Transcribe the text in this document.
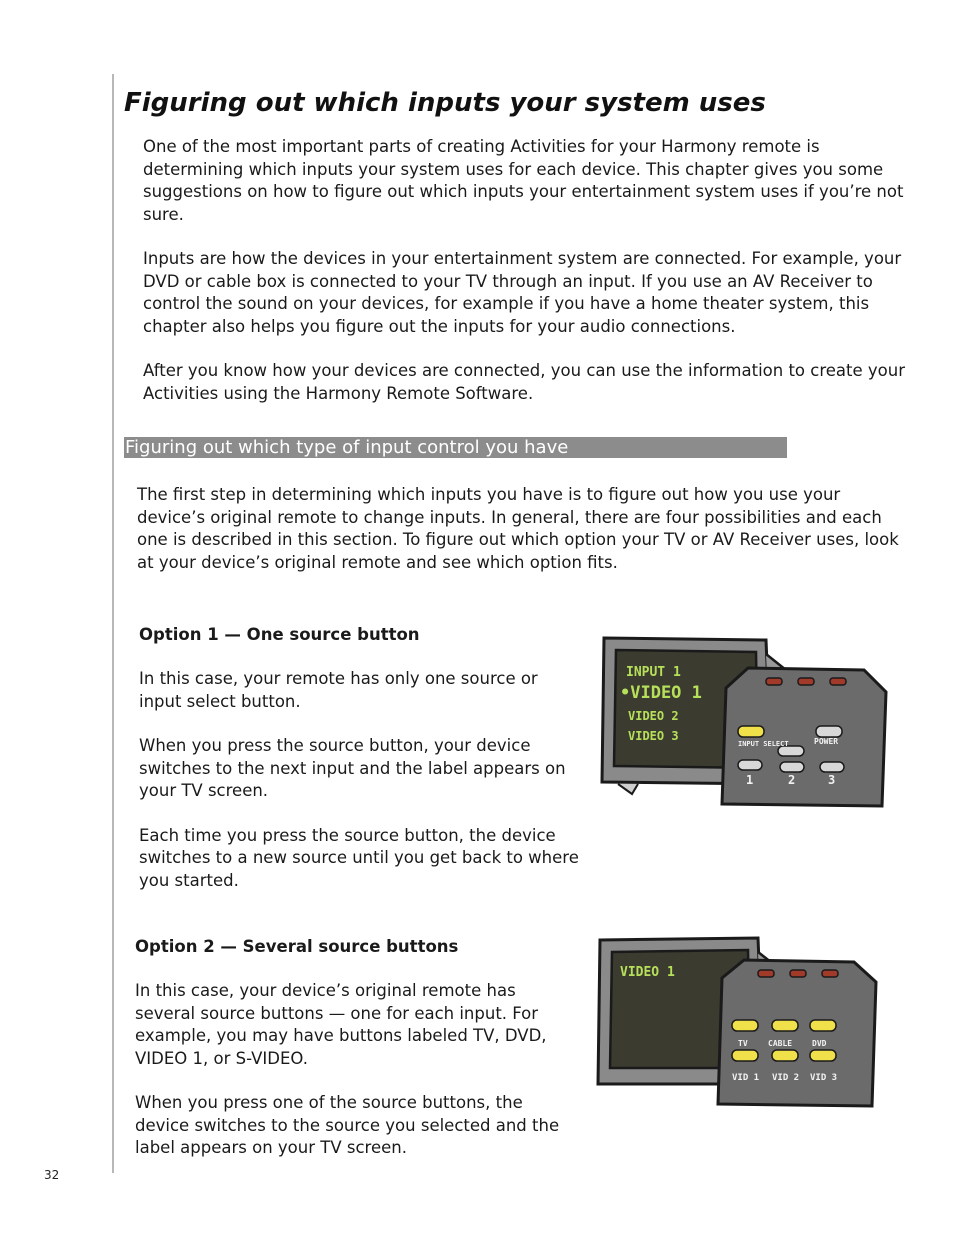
Figuring out which inputs your system uses

One of the most important parts of creating Activities for your Harmony remote is determining which inputs your system uses for each device. This chapter gives you some suggestions on how to figure out which inputs your entertainment system uses if you’re not sure.

Inputs are how the devices in your entertainment system are connected. For example, your DVD or cable box is connected to your TV through an input. If you use an AV Receiver to control the sound on your devices, for example if you have a home theater system, this chapter also helps you figure out the inputs for your audio connections.

After you know how your devices are connected, you can use the information to create your Activities using the Harmony Remote Software.

Figuring out which type of input control you have

The first step in determining which inputs you have is to figure out how you use your device’s original remote to change inputs. In general, there are four possibilities and each one is described in this section. To figure out which option your TV or AV Receiver uses, look at your device’s original remote and see which option fits.

Option 1 — One source button

In this case, your remote has only one source or input select button.

When you press the source button, your device switches to the next input and the label appears on your TV screen.

Each time you press the source button, the device switches to a new source until you get back to where you started.

INPUT 1
•VIDEO 1
VIDEO 2
VIDEO 3
INPUT SELECT	POWER
1	2	3
Option 2 — Several source buttons

In this case, your device’s original remote has several source buttons — one for each input. For example, you may have buttons labeled TV, DVD, VIDEO 1, or S-VIDEO.

When you press one of the source buttons, the device switches to the source you selected and the label appears on your TV screen.

VIDEO 1
TV	CABLE DVD
VID 1 VID 2 VID 3
32
